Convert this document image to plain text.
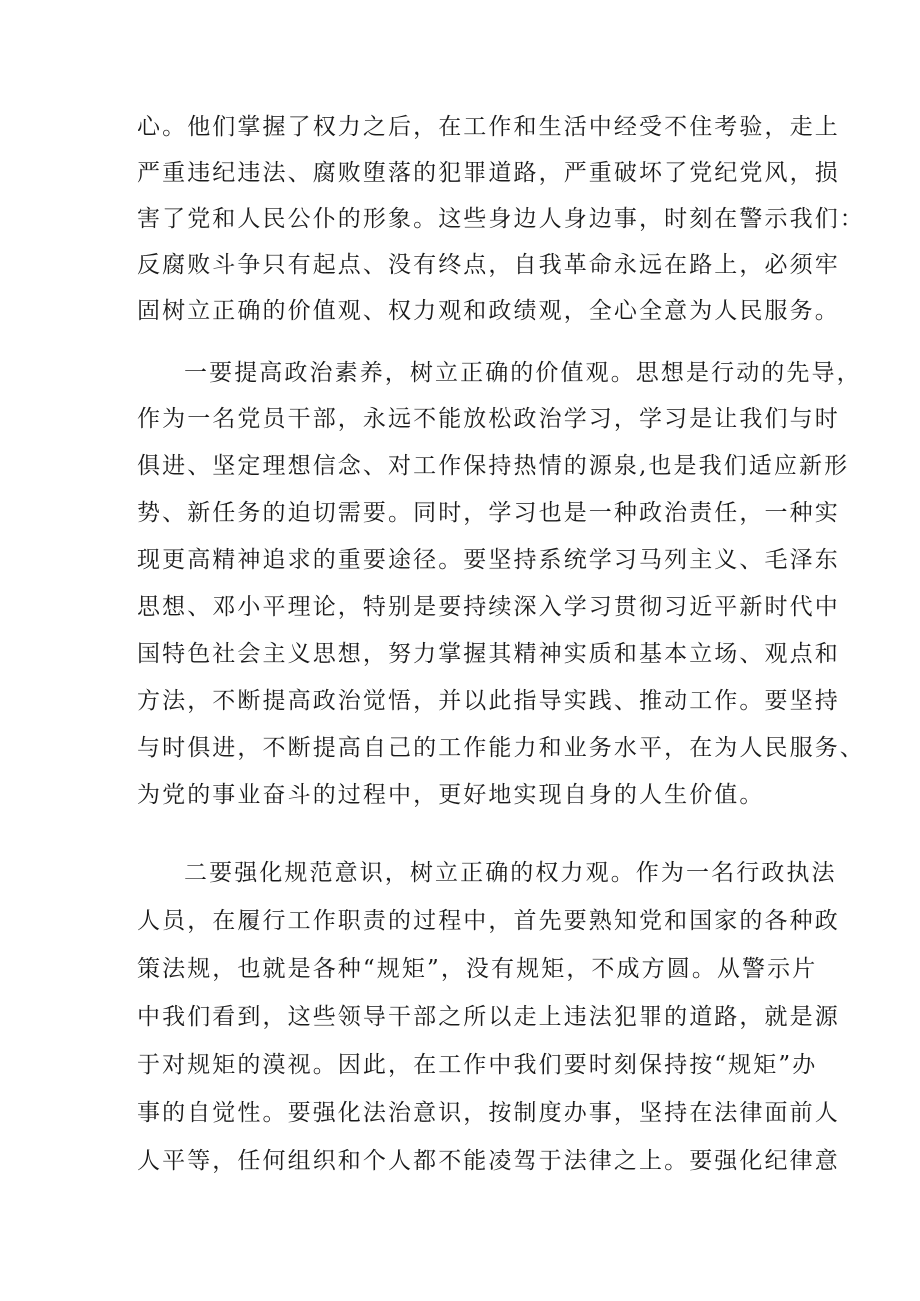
心。他们掌握了权力之后，在工作和生活中经受不住考验，走上
严重违纪违法、腐败堕落的犯罪道路，严重破坏了党纪党风，损
害了党和人民公仆的形象。这些身边人身边事，时刻在警示我们：
反腐败斗争只有起点、没有终点，自我革命永远在路上，必须牢
固树立正确的价值观、权力观和政绩观，全心全意为人民服务。
一要提高政治素养，树立正确的价值观。思想是行动的先导，
作为一名党员干部，永远不能放松政治学习，学习是让我们与时
俱进、坚定理想信念、对工作保持热情的源泉,也是我们适应新形
势、新任务的迫切需要。同时，学习也是一种政治责任，一种实
现更高精神追求的重要途径。要坚持系统学习马列主义、毛泽东
思想、邓小平理论，特别是要持续深入学习贯彻习近平新时代中
国特色社会主义思想，努力掌握其精神实质和基本立场、观点和
方法，不断提高政治觉悟，并以此指导实践、推动工作。要坚持
与时俱进，不断提高自己的工作能力和业务水平，在为人民服务、
为党的事业奋斗的过程中，更好地实现自身的人生价值。
二要强化规范意识，树立正确的权力观。作为一名行政执法
人员，在履行工作职责的过程中，首先要熟知党和国家的各种政
策法规，也就是各种“规矩”，没有规矩，不成方圆。从警示片
中我们看到，这些领导干部之所以走上违法犯罪的道路，就是源
于对规矩的漠视。因此，在工作中我们要时刻保持按“规矩”办
事的自觉性。要强化法治意识，按制度办事，坚持在法律面前人
人平等，任何组织和个人都不能凌驾于法律之上。要强化纪律意
